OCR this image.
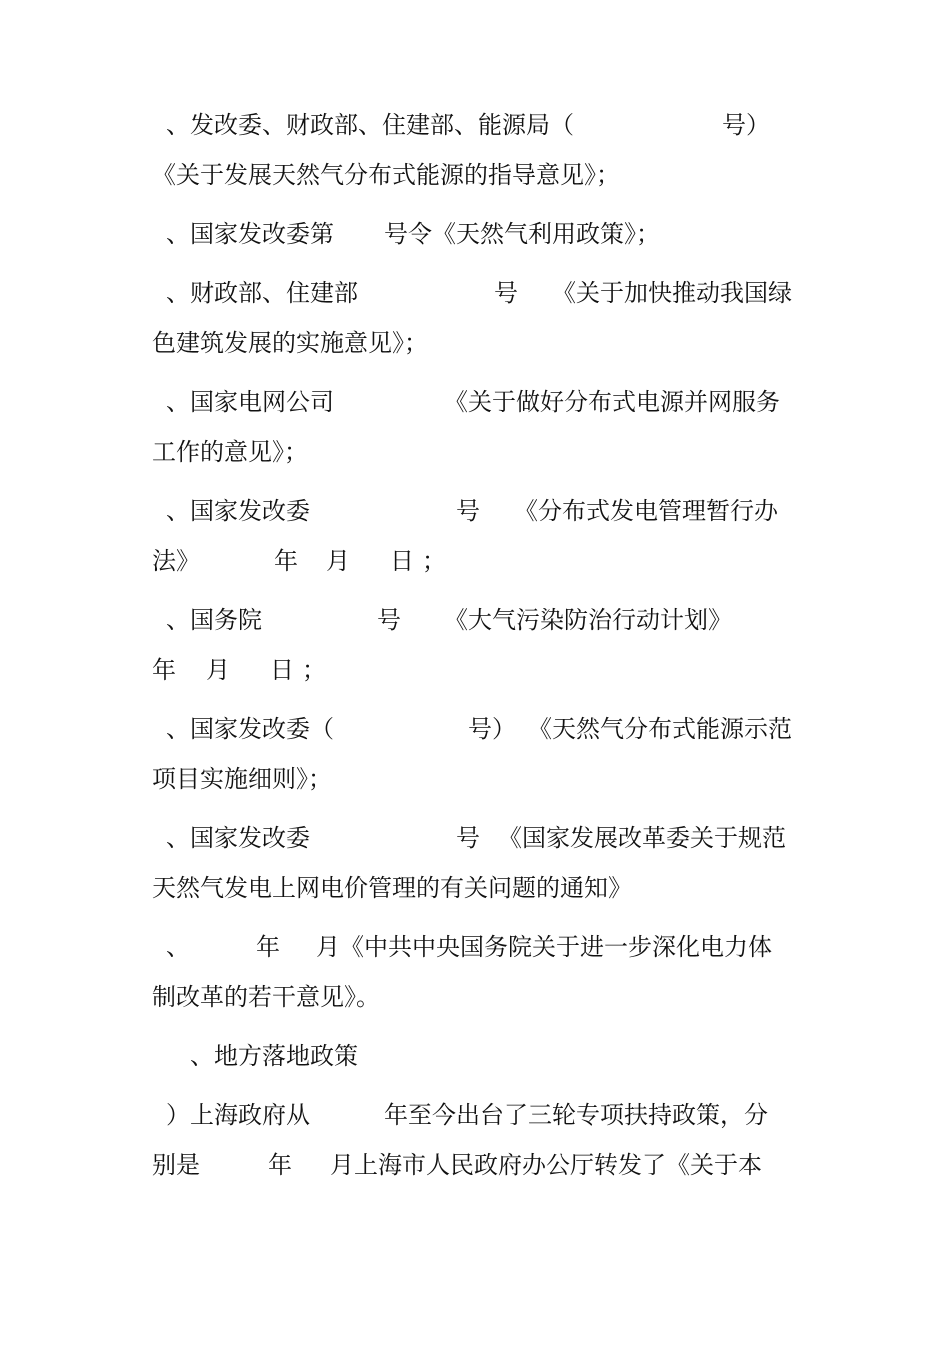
、发改委、财政部、住建部、能源局（

	号）

《关于发展天然气分布式能源的指导意见》；

、国家发改委第

号令《天然气利用政策》；

、财政部、住建部

	号

《关于加快推动我国绿

色建筑发展的实施意见》；

、国家电网公司

	《关于做好分布式电源并网服务

工作的意见》；

、国家发改委

	号

《分布式发电管理暂行办

法》

	年

月

日

；

、国务院

	号

《大气污染防治行动计划》

年

月

日

；

、国家发改委（

	号）

《天然气分布式能源示范

项目实施细则》；

、国家发改委

	号

《国家发展改革委关于规范

天然气发电上网电价管理的有关问题的通知》

、

	年

月《中共中央国务院关于进一步深化电力体

制改革的若干意见》。

、地方落地政策

）上海政府从

	年至今出台了三轮专项扶持政策，分

别是

	年

月上海市人民政府办公厅转发了《关于本
